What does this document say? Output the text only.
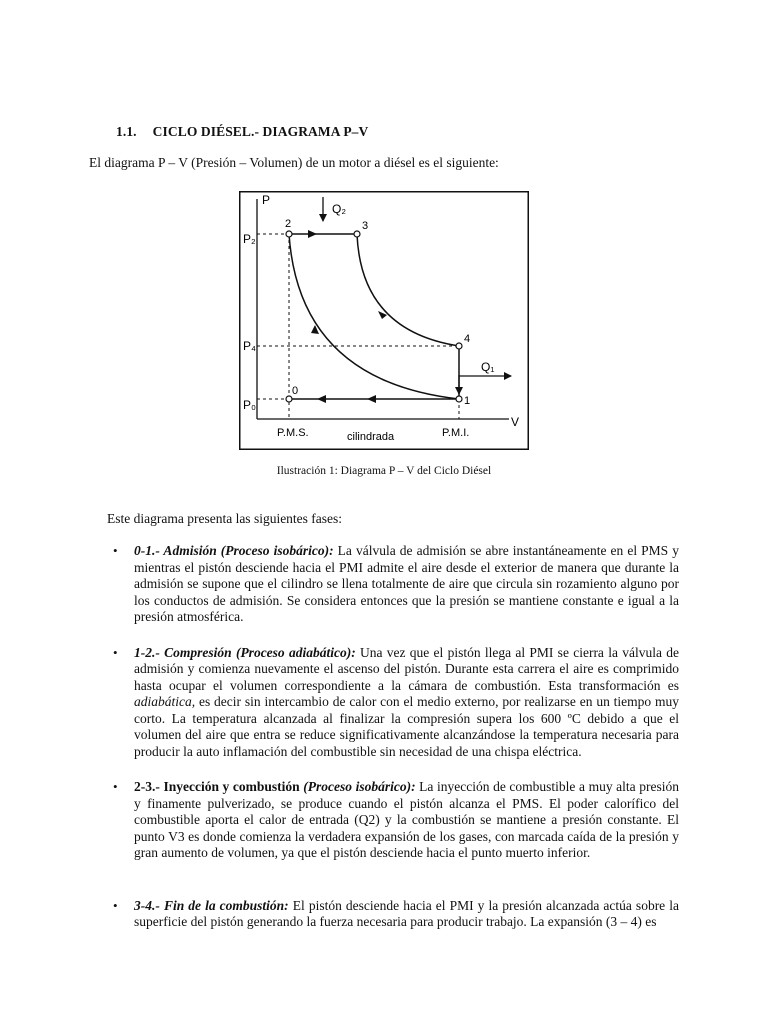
1.1. CICLO DIÉSEL.- DIAGRAMA P–V
El diagrama P – V (Presión – Volumen) de un motor a diésel es el siguiente:
P
V
Q₂
Q₁
P₂
P₄
P₀
2	3
4
1
0
P.M.S.	cilindrada	P.M.I.
Ilustración 1: Diagrama P – V del Ciclo Diésel
Este diagrama presenta las siguientes fases:
• 0-1.- Admisión (Proceso isobárico): La válvula de admisión se abre instantáneamente en el PMS y mientras el pistón desciende hacia el PMI admite el aire desde el exterior de manera que durante la admisión se supone que el cilindro se llena totalmente de aire que circula sin rozamiento alguno por los conductos de admisión. Se considera entonces que la presión se mantiene constante e igual a la presión atmosférica.
• 1-2.- Compresión (Proceso adiabático): Una vez que el pistón llega al PMI se cierra la válvula de admisión y comienza nuevamente el ascenso del pistón. Durante esta carrera el aire es comprimido hasta ocupar el volumen correspondiente a la cámara de combustión. Esta transformación es adiabática, es decir sin intercambio de calor con el medio externo, por realizarse en un tiempo muy corto. La temperatura alcanzada al finalizar la compresión supera los 600 ºC debido a que el volumen del aire que entra se reduce significativamente alcanzándose la temperatura necesaria para producir la auto inflamación del combustible sin necesidad de una chispa eléctrica.
• 2-3.- Inyección y combustión (Proceso isobárico): La inyección de combustible a muy alta presión y finamente pulverizado, se produce cuando el pistón alcanza el PMS. El poder calorífico del combustible aporta el calor de entrada (Q2) y la combustión se mantiene a presión constante. El punto V3 es donde comienza la verdadera expansión de los gases, con marcada caída de la presión y gran aumento de volumen, ya que el pistón desciende hacia el punto muerto inferior.
• 3-4.- Fin de la combustión: El pistón desciende hacia el PMI y la presión alcanzada actúa sobre la superficie del pistón generando la fuerza necesaria para producir trabajo. La expansión (3 – 4) es
